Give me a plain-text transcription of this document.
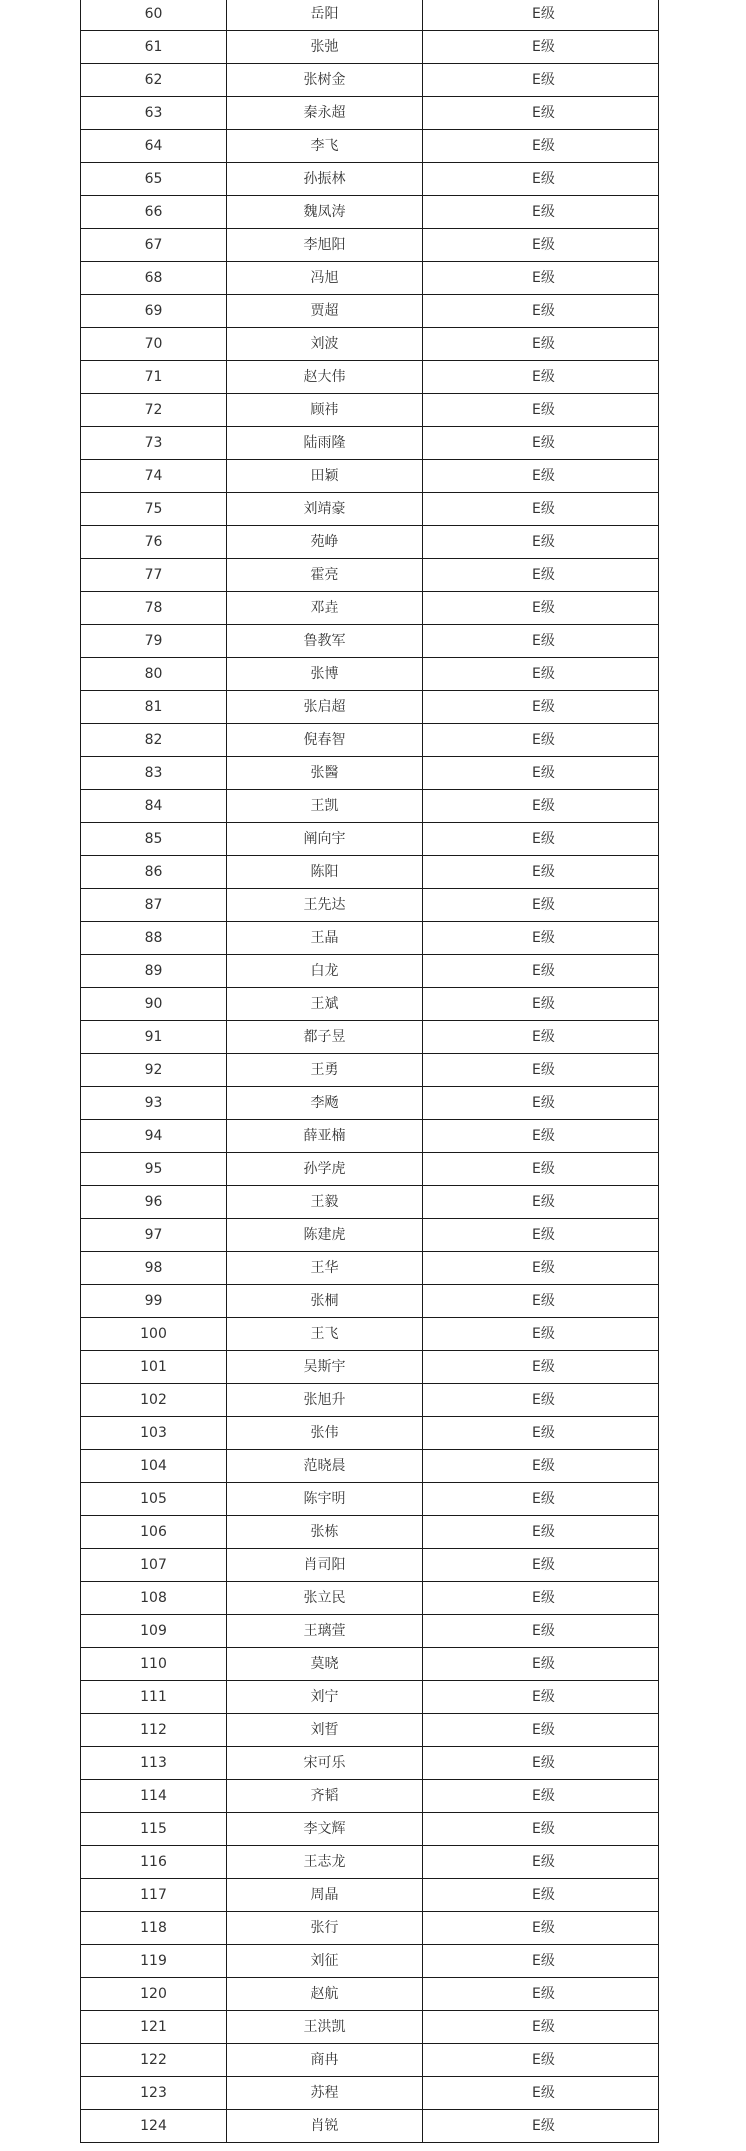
60	岳阳	E级
61	张弛	E级
62	张树金	E级
63	秦永超	E级
64	李飞	E级
65	孙振林	E级
66	魏凤涛	E级
67	李旭阳	E级
68	冯旭	E级
69	贾超	E级
70	刘波	E级
71	赵大伟	E级
72	顾祎	E级
73	陆雨隆	E级
74	田颖	E级
75	刘靖豪	E级
76	苑峥	E级
77	霍亮	E级
78	邓垚	E级
79	鲁教军	E级
80	张博	E级
81	张启超	E级
82	倪春智	E级
83	张醫	E级
84	王凯	E级
85	阐向宇	E级
86	陈阳	E级
87	王先达	E级
88	王晶	E级
89	白龙	E级
90	王斌	E级
91	都子昱	E级
92	王勇	E级
93	李飏	E级
94	薛亚楠	E级
95	孙学虎	E级
96	王毅	E级
97	陈建虎	E级
98	王华	E级
99	张桐	E级
100	王飞	E级
101	吴斯宇	E级
102	张旭升	E级
103	张伟	E级
104	范晓晨	E级
105	陈宇明	E级
106	张栋	E级
107	肖司阳	E级
108	张立民	E级
109	王璃萱	E级
110	莫晓	E级
111	刘宁	E级
112	刘晢	E级
113	宋可乐	E级
114	齐韬	E级
115	李文辉	E级
116	王志龙	E级
117	周晶	E级
118	张行	E级
119	刘征	E级
120	赵航	E级
121	王洪凯	E级
122	商冉	E级
123	苏程	E级
124	肖锐	E级
